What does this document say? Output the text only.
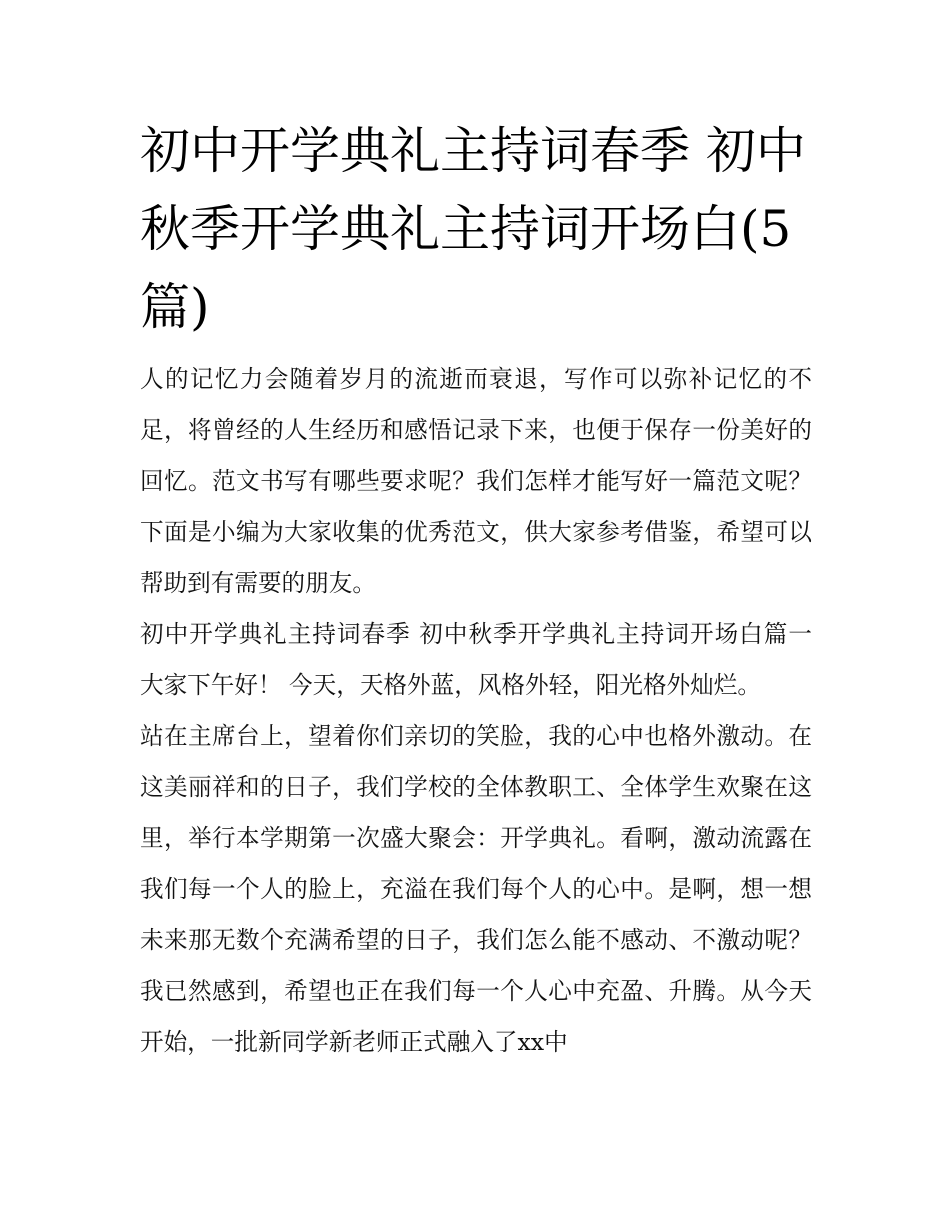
初中开学典礼主持词春季 初中秋季开学典礼主持词开场白(5篇)

人的记忆力会随着岁月的流逝而衰退，写作可以弥补记忆的不足，将曾经的人生经历和感悟记录下来，也便于保存一份美好的回忆。范文书写有哪些要求呢？我们怎样才能写好一篇范文呢？下面是小编为大家收集的优秀范文，供大家参考借鉴，希望可以帮助到有需要的朋友。

初中开学典礼主持词春季 初中秋季开学典礼主持词开场白篇一 大家下午好！ 今天，天格外蓝，风格外轻，阳光格外灿烂。

站在主席台上，望着你们亲切的笑脸，我的心中也格外激动。在这美丽祥和的日子，我们学校的全体教职工、全体学生欢聚在这里，举行本学期第一次盛大聚会：开学典礼。看啊，激动流露在我们每一个人的脸上，充溢在我们每个人的心中。是啊，想一想未来那无数个充满希望的日子，我们怎么能不感动、不激动呢？我已然感到，希望也正在我们每一个人心中充盈、升腾。从今天开始，一批新同学新老师正式融入了xx中
